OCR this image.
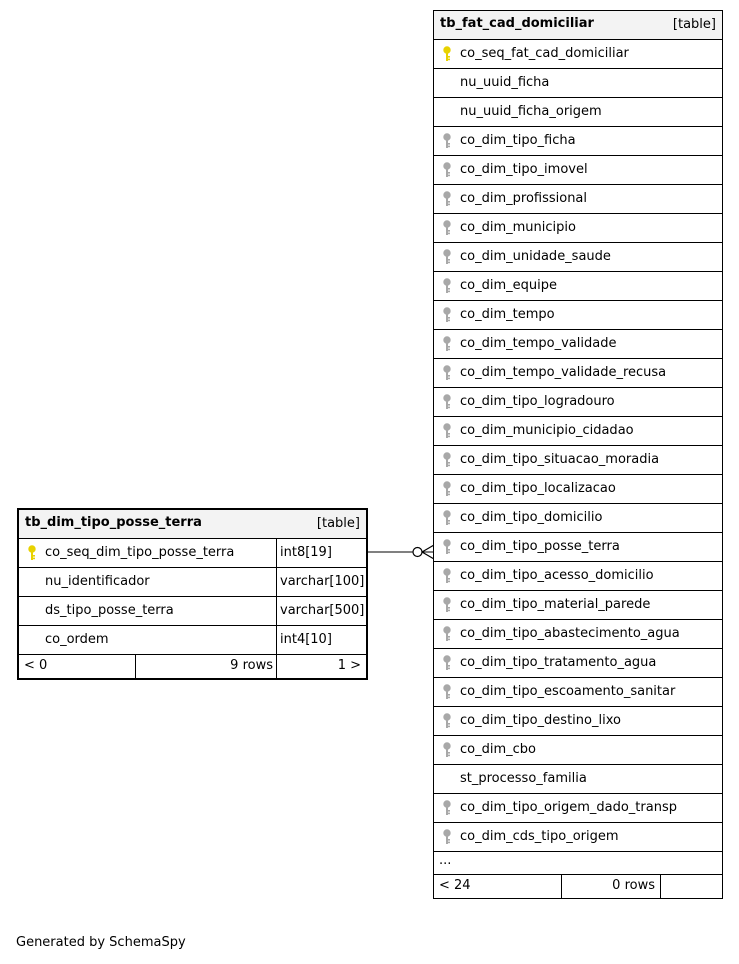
tb_dim_tipo_posse_terra	[table]
co_seq_dim_tipo_posse_terra	int8[19]
nu_identificador	varchar[100]
ds_tipo_posse_terra	varchar[500]
co_ordem	int4[10]
< 0	9 rows	1 >
tb_fat_cad_domiciliar	[table]
co_seq_fat_cad_domiciliar
nu_uuid_ficha
nu_uuid_ficha_origem
co_dim_tipo_ficha
co_dim_tipo_imovel
co_dim_profissional
co_dim_municipio
co_dim_unidade_saude
co_dim_equipe
co_dim_tempo
co_dim_tempo_validade
co_dim_tempo_validade_recusa
co_dim_tipo_logradouro
co_dim_municipio_cidadao
co_dim_tipo_situacao_moradia
co_dim_tipo_localizacao
co_dim_tipo_domicilio
co_dim_tipo_posse_terra
co_dim_tipo_acesso_domicilio
co_dim_tipo_material_parede
co_dim_tipo_abastecimento_agua
co_dim_tipo_tratamento_agua
co_dim_tipo_escoamento_sanitar
co_dim_tipo_destino_lixo
co_dim_cbo
st_processo_familia
co_dim_tipo_origem_dado_transp
co_dim_cds_tipo_origem
...
< 24	0 rows
Generated by SchemaSpy
